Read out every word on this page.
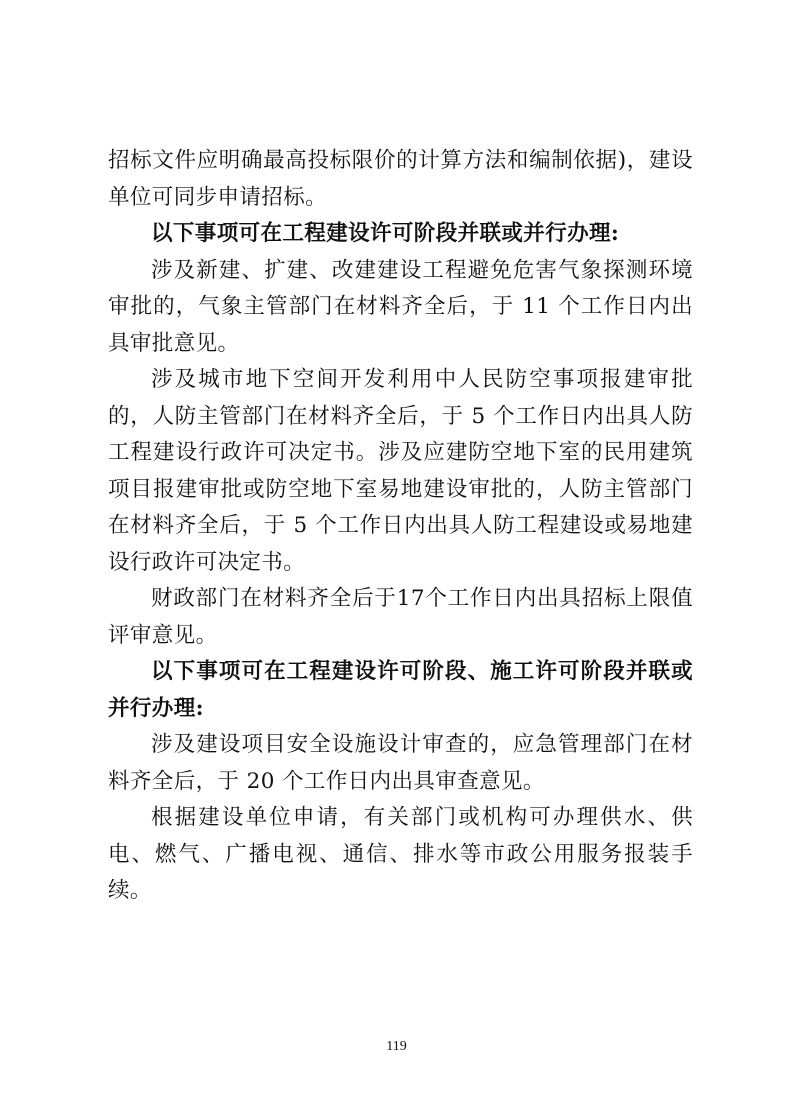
招标文件应明确最高投标限价的计算方法和编制依据)，建设单位可同步申请招标。

以下事项可在工程建设许可阶段并联或并行办理:

涉及新建、扩建、改建建设工程避免危害气象探测环境审批的，气象主管部门在材料齐全后，于 11 个工作日内出具审批意见。

涉及城市地下空间开发利用中人民防空事项报建审批的，人防主管部门在材料齐全后，于 5 个工作日内出具人防工程建设行政许可决定书。涉及应建防空地下室的民用建筑项目报建审批或防空地下室易地建设审批的，人防主管部门在材料齐全后，于 5 个工作日内出具人防工程建设或易地建设行政许可决定书。

财政部门在材料齐全后于17个工作日内出具招标上限值评审意见。

以下事项可在工程建设许可阶段、施工许可阶段并联或并行办理:

涉及建设项目安全设施设计审查的，应急管理部门在材料齐全后，于 20 个工作日内出具审查意见。

根据建设单位申请，有关部门或机构可办理供水、供电、燃气、广播电视、通信、排水等市政公用服务报装手续。

119
